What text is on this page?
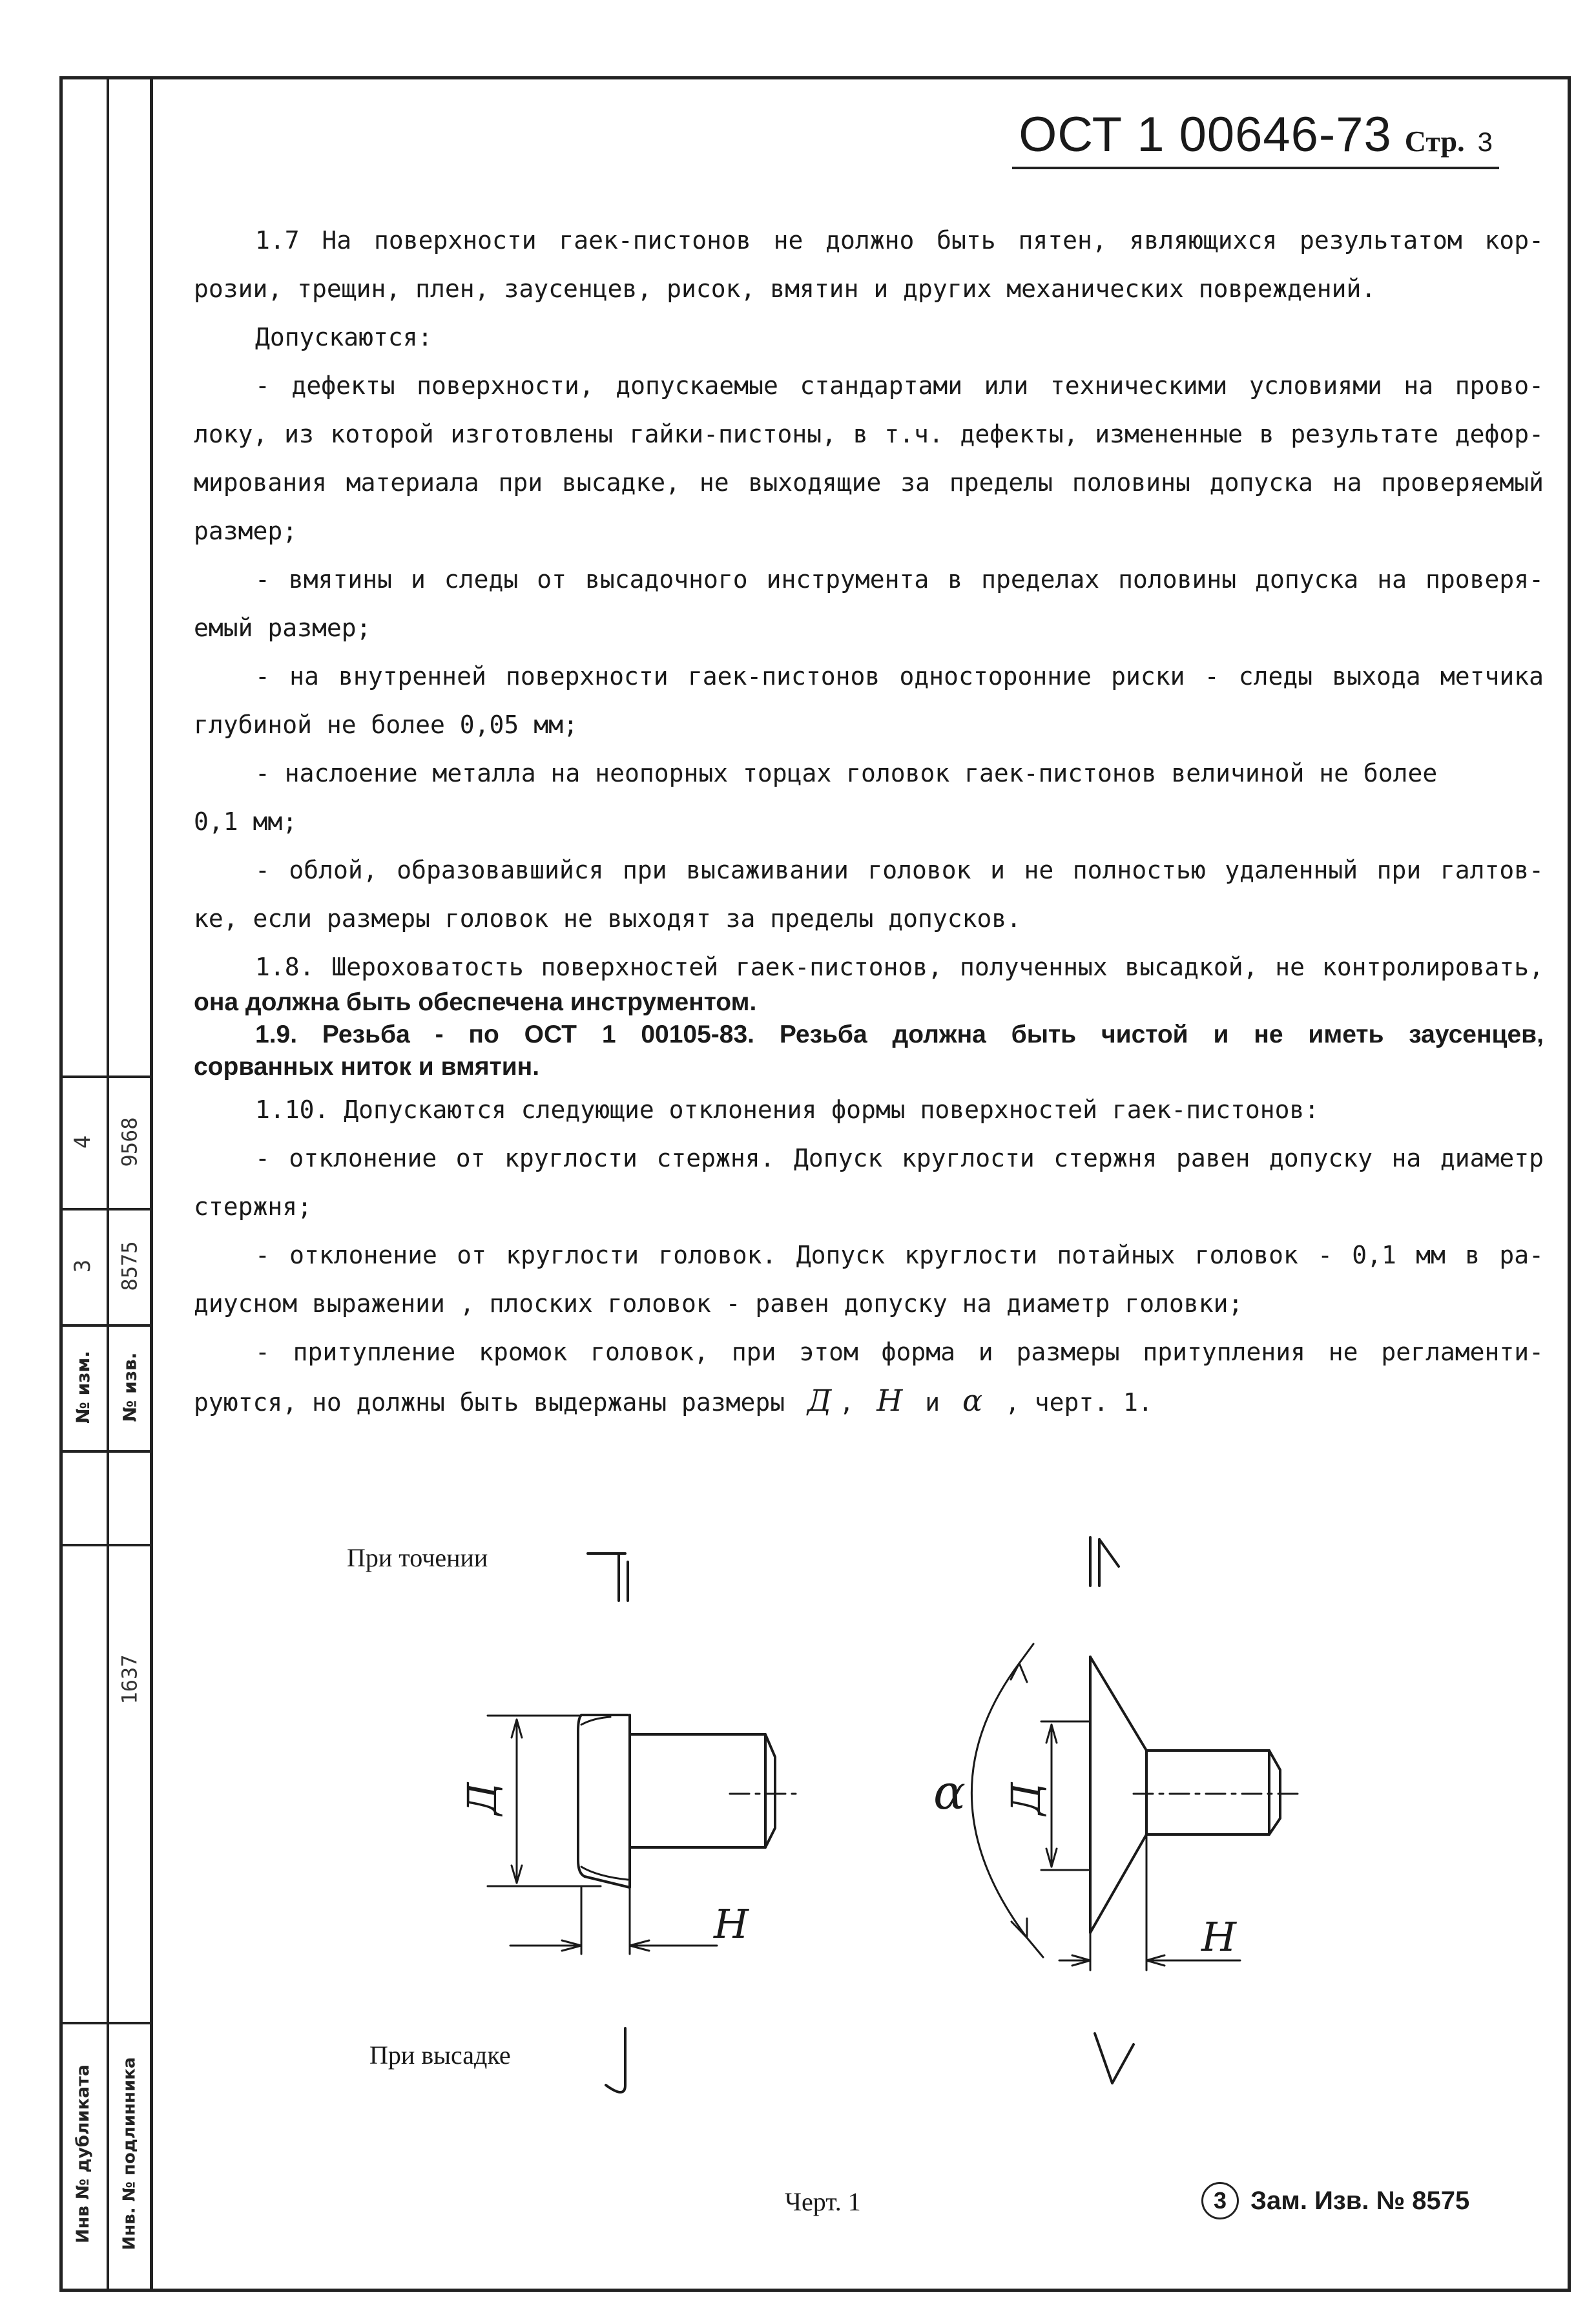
3
4
8575
9568
№ изм. № изв.
1637
Инв № дубликата Инв. № подлинника
ОСТ 1 00646-73 Стр. 3

1.7 На поверхности гаек-пистонов не должно быть пятен, являющихся результатом кор-

розии, трещин, плен, заусенцев, рисок, вмятин и других механических повреждений.

Допускаются:

- дефекты поверхности, допускаемые стандартами или техническими условиями на прово-

локу, из которой изготовлены гайки-пистоны, в т.ч. дефекты, измененные в результате дефор-

мирования материала при высадке, не выходящие за пределы половины допуска на проверяемый

размер;

- вмятины и следы от высадочного инструмента в пределах половины допуска на проверя-

емый размер;

- на внутренней поверхности гаек-пистонов односторонние риски - следы выхода метчика

глубиной не более 0,05 мм;

- наслоение металла на неопорных торцах головок гаек-пистонов величиной не более

0,1 мм;

- облой, образовавшийся при высаживании головок и не полностью удаленный при галтов-

ке, если размеры головок не выходят за пределы допусков.

1.8. Шероховатость поверхностей гаек-пистонов, полученных высадкой, не контролировать,

она должна быть обеспечена инструментом.

1.9. Резьба - по ОСТ 1 00105-83. Резьба должна быть чистой и не иметь заусенцев,

сорванных ниток и вмятин.

1.10. Допускаются следующие отклонения формы поверхностей гаек-пистонов:

- отклонение от круглости стержня. Допуск круглости стержня равен допуску на диаметр

стержня;

- отклонение от круглости головок. Допуск круглости потайных головок - 0,1 мм в ра-

диусном выражении , плоских головок - равен допуску на диаметр головки;

- притупление кромок головок, при этом форма и размеры притупления не регламенти-

руются, но должны быть выдержаны размеры Д , Н и α , черт. 1.

При точении
При высадке
Д
Н
Д
Н
α
Черт. 1	3 Зам. Изв. № 8575
